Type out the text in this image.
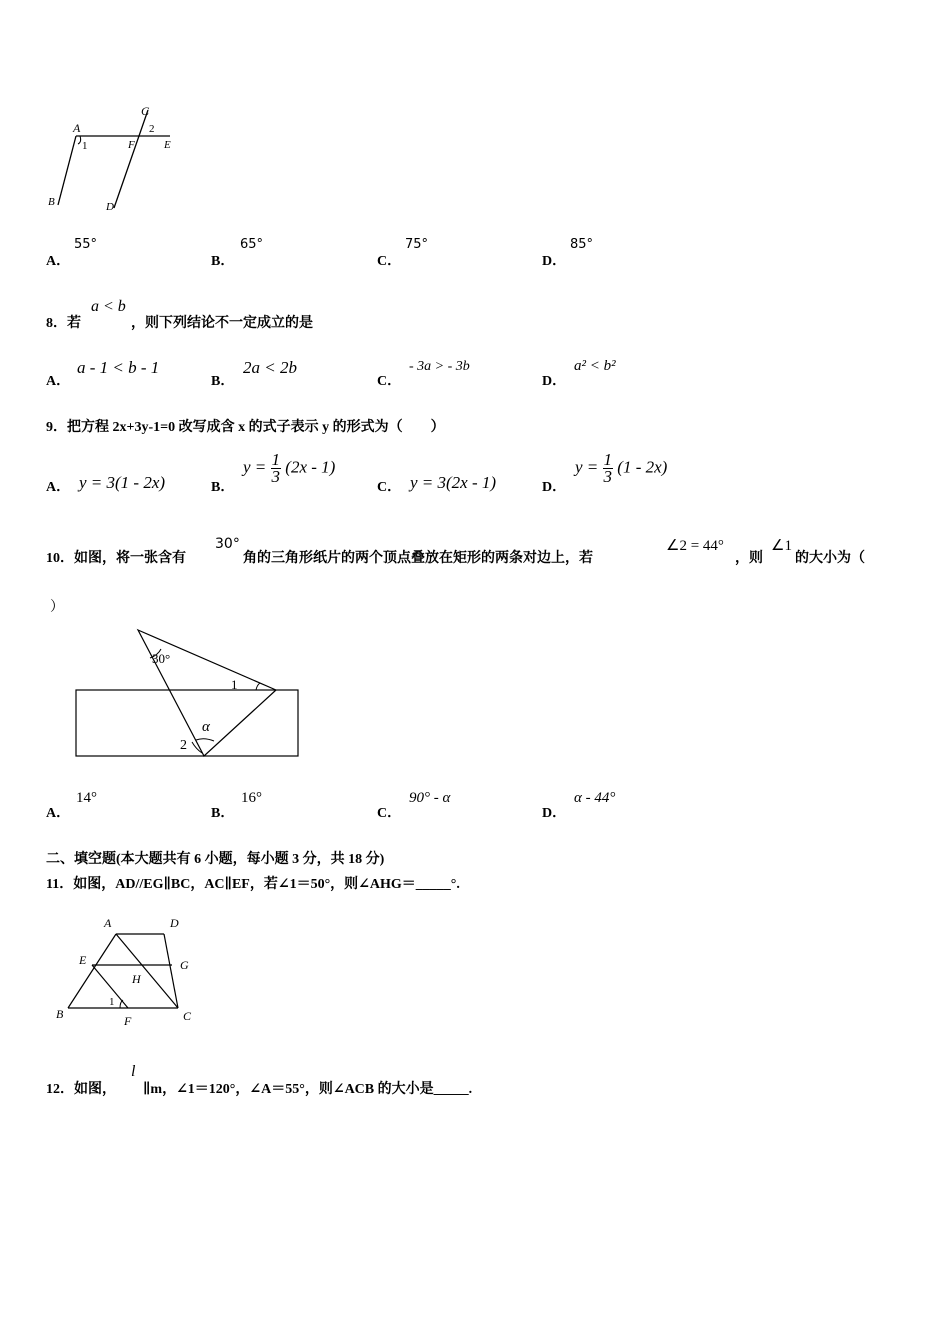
A
C
2
1	F	E
B	D
A．
55°
B．
65°
C．
75°
D．
85°
8．若
a < b
，则下列结论不一定成立的是
A．
a - 1 < b - 1
B．
2a < 2b
C．
- 3a > - 3b
D．
a² < b²
9．把方程 2x+3y-1=0 改写成含 x 的式子表示 y 的形式为（　　）
A． y = 3(1 - 2x)	B．
$y = \frac{1}{3} (2x - 1)$
C． y = 3(2x - 1)	D．
$y = \frac{1}{3} (1 - 2x)$
10．如图，将一张含有
30°
角的三角形纸片的两个顶点叠放在矩形的两条对边上，若
∠2 = 44°
，则
∠1
的大小为（
）
30°
1
α
2
A．
14°
B．
16°
C．
90° - α
D．
α - 44°
二、填空题(本大题共有 6 小题，每小题 3 分，共 18 分)
11．如图，AD//EG∥BC，AC∥EF，若∠1＝50°，则∠AHG＝_____°.
A	D
E	G
H
1
B	F	C
12．如图，
l
∥m，∠1＝120°，∠A＝55°，则∠ACB 的大小是_____.
